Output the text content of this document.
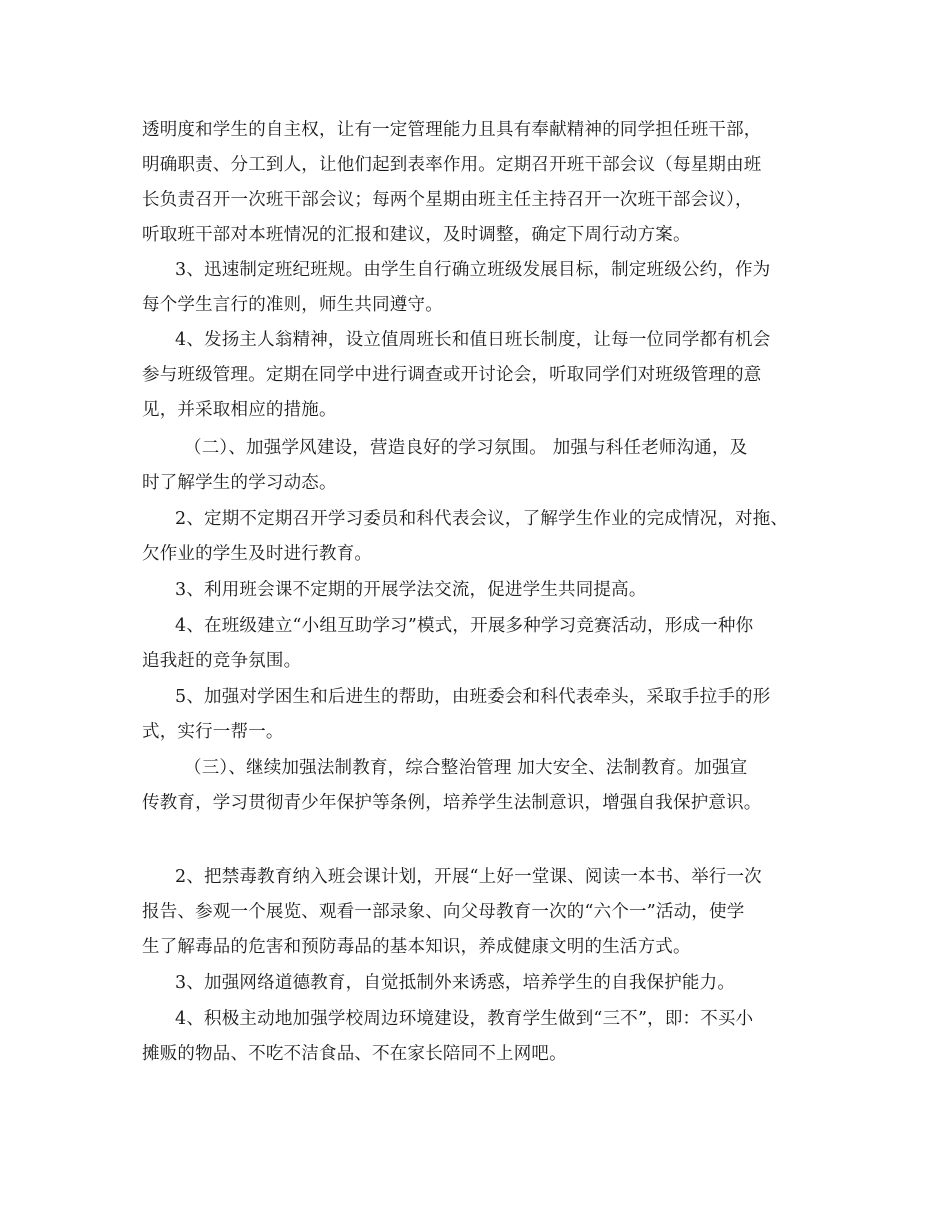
透明度和学生的自主权，让有一定管理能力且具有奉献精神的同学担任班干部，
明确职责、分工到人，让他们起到表率作用。定期召开班干部会议（每星期由班
长负责召开一次班干部会议；每两个星期由班主任主持召开一次班干部会议），
听取班干部对本班情况的汇报和建议，及时调整，确定下周行动方案。
3、迅速制定班纪班规。由学生自行确立班级发展目标，制定班级公约，作为
每个学生言行的准则，师生共同遵守。
4、发扬主人翁精神，设立值周班长和值日班长制度，让每一位同学都有机会
参与班级管理。定期在同学中进行调查或开讨论会，听取同学们对班级管理的意
见，并采取相应的措施。
（二）、加强学风建设，营造良好的学习氛围。 加强与科任老师沟通，及
时了解学生的学习动态。
2、定期不定期召开学习委员和科代表会议，了解学生作业的完成情况，对拖、
欠作业的学生及时进行教育。
3、利用班会课不定期的开展学法交流，促进学生共同提高。
4、在班级建立“小组互助学习”模式，开展多种学习竞赛活动，形成一种你
追我赶的竞争氛围。
5、加强对学困生和后进生的帮助，由班委会和科代表牵头，采取手拉手的形
式，实行一帮一。
（三）、继续加强法制教育，综合整治管理 加大安全、法制教育。加强宣
传教育，学习贯彻青少年保护等条例，培养学生法制意识，增强自我保护意识。
2、把禁毒教育纳入班会课计划，开展“上好一堂课、阅读一本书、举行一次
报告、参观一个展览、观看一部录象、向父母教育一次的“六个一”活动，使学
生了解毒品的危害和预防毒品的基本知识，养成健康文明的生活方式。
3、加强网络道德教育，自觉抵制外来诱惑，培养学生的自我保护能力。
4、积极主动地加强学校周边环境建设，教育学生做到“三不”，即：不买小
摊贩的物品、不吃不洁食品、不在家长陪同不上网吧。
